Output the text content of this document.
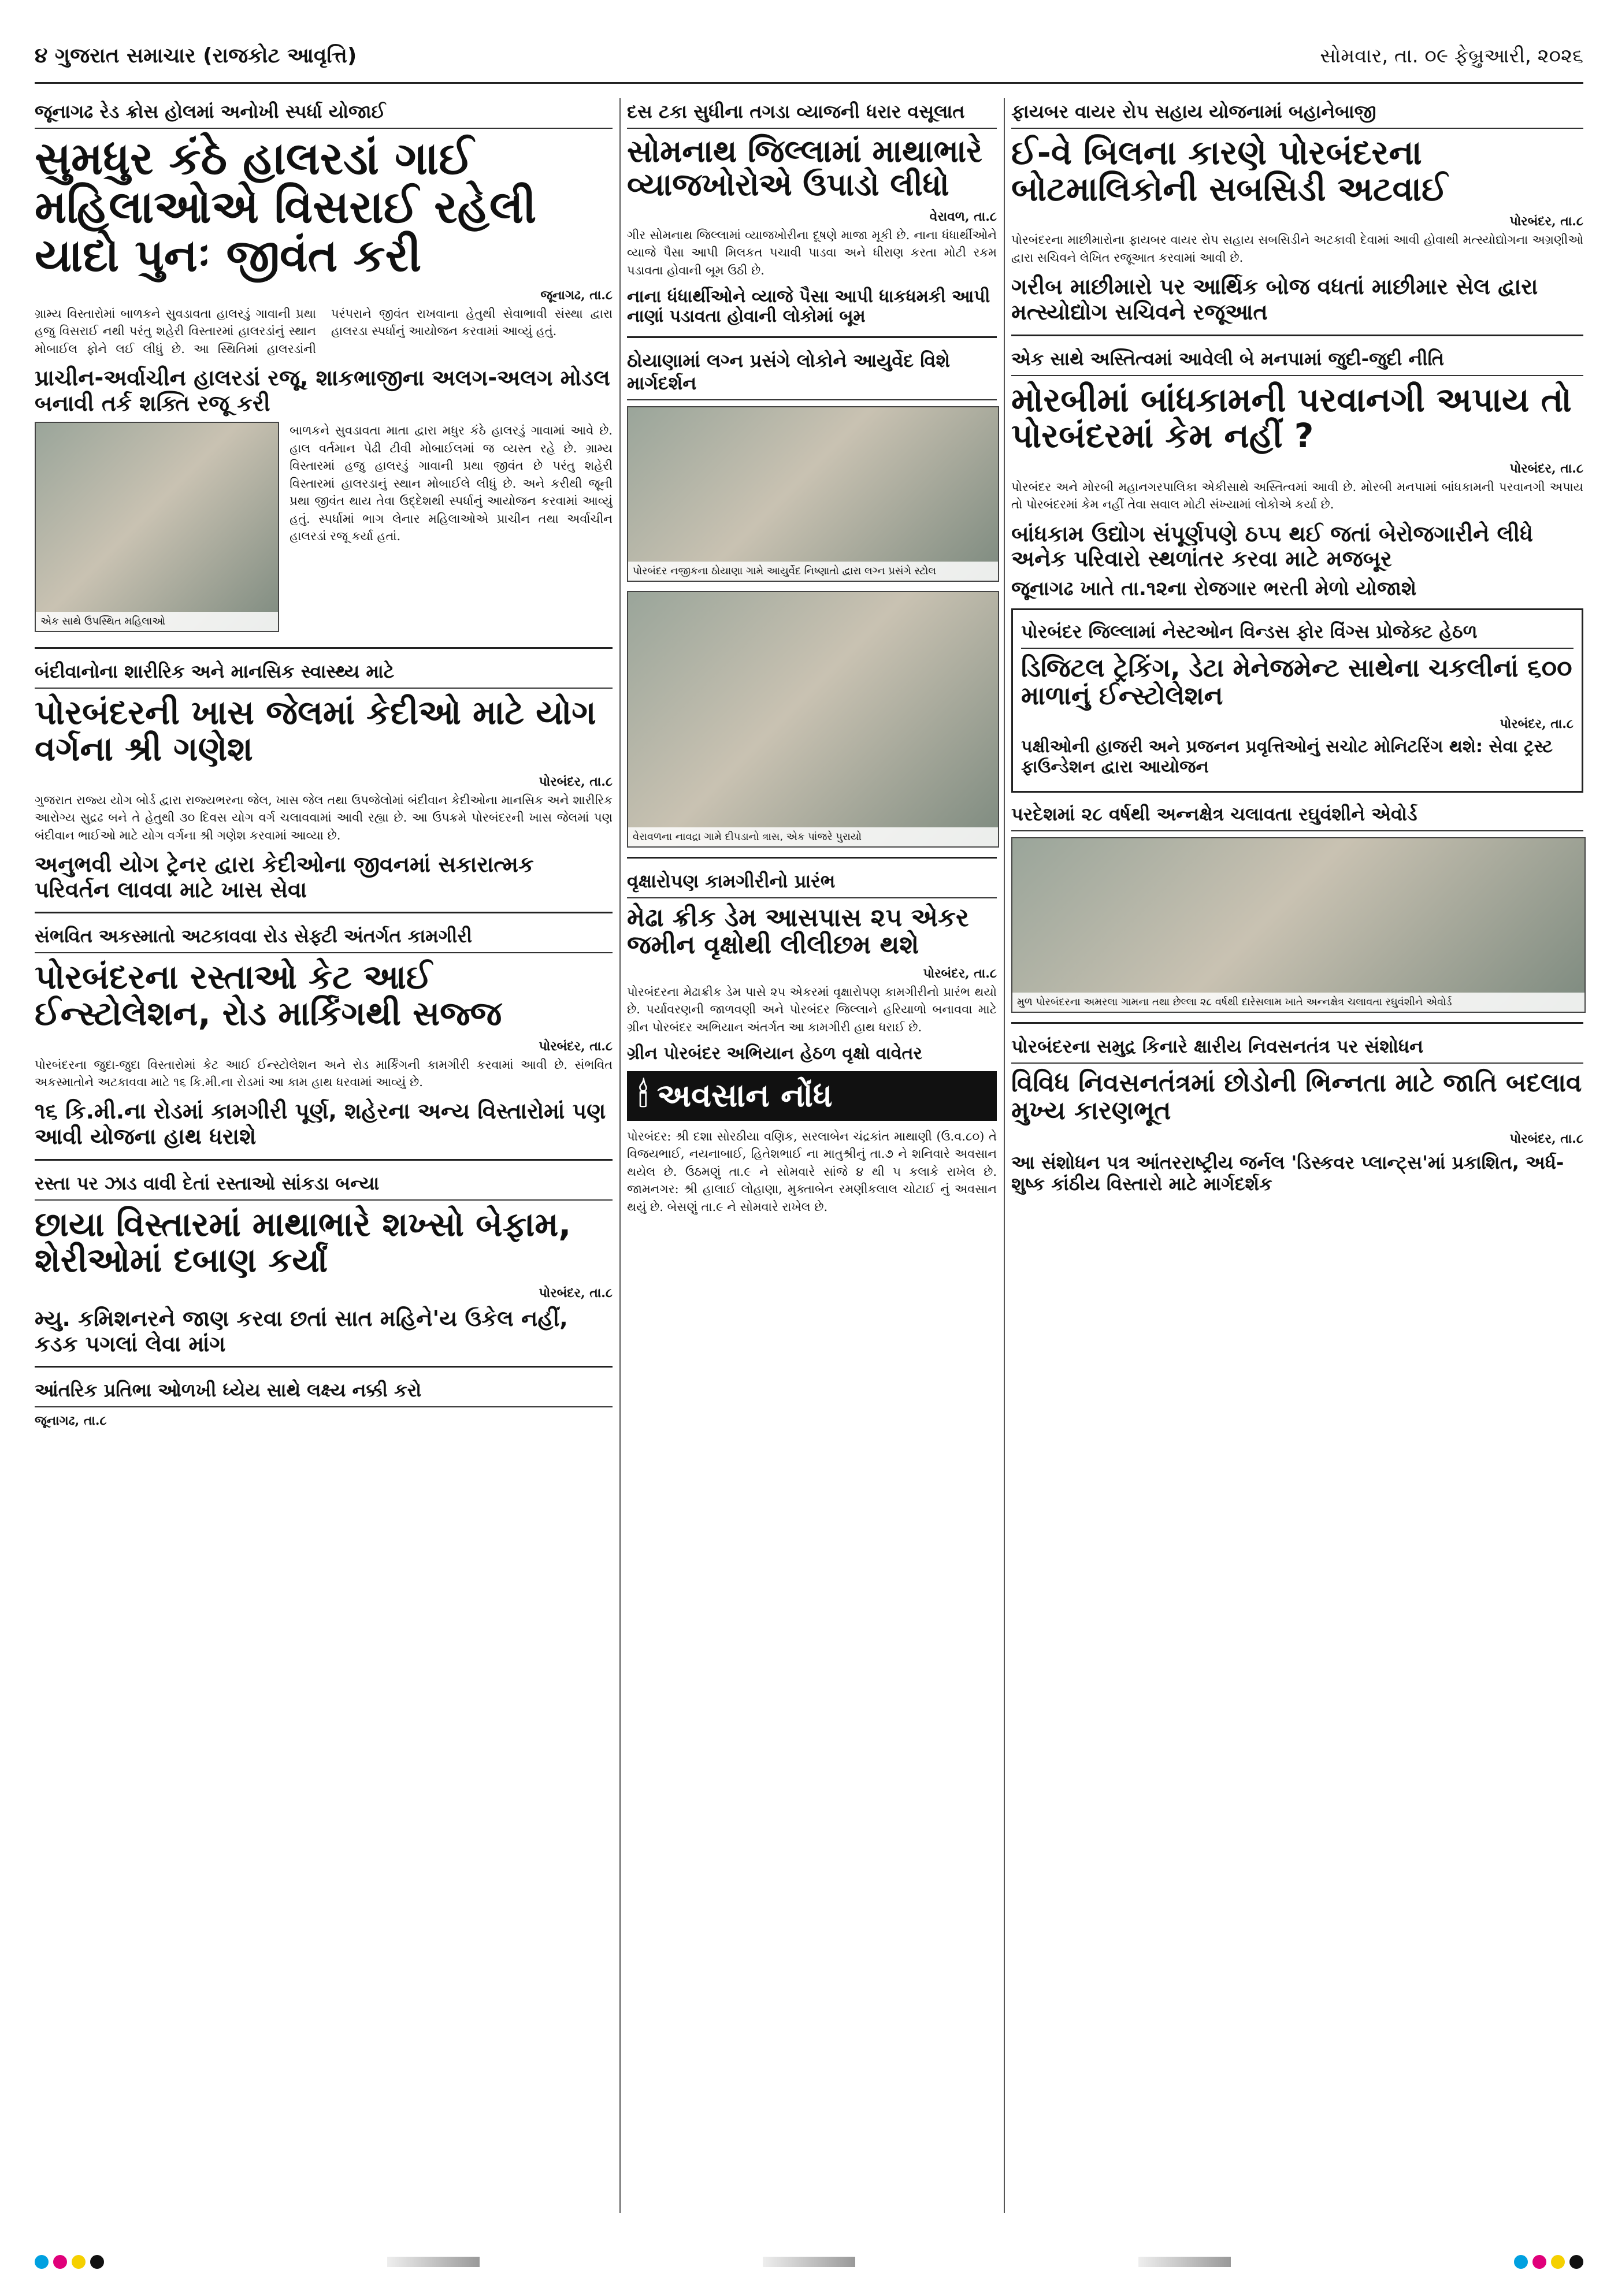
૪ ગુજરાત સમાચાર (રાજકોટ આવૃત્તિ)	સોમવાર, તા. ૦૯ ફેબ્રુઆરી, ૨૦૨૬
જૂનાગઢ રેડ ક્રોસ હોલમાં અનોખી સ્પર્ધા યોજાઈ
સુમધુર કંઠે હાલરડાં ગાઈ મહિલાઓએ વિસરાઈ રહેલી યાદો પુનઃ જીવંત કરી
જૂનાગઢ, તા.૮
ગ્રામ્ય વિસ્તારોમાં બાળકને સુવડાવતા હાલરડું ગાવાની પ્રથા હજુ વિસરાઈ નથી પરંતુ શહેરી વિસ્તારમાં હાલરડાંનું સ્થાન મોબાઈલ ફોને લઈ લીધું છે. આ સ્થિતિમાં હાલરડાંની પરંપરાને જીવંત રાખવાના હેતુથી સેવાભાવી સંસ્થા દ્વારા હાલરડા સ્પર્ધાનું આયોજન કરવામાં આવ્યું હતું.
પ્રાચીન-અર્વાચીન હાલરડાં રજૂ, શાકભાજીના અલગ-અલગ મોડલ બનાવી તર્ક શક્તિ રજૂ કરી
એક સાથે ઉપસ્થિત મહિલાઓ
બાળકને સુવડાવતા માતા દ્વારા મધુર કંઠે હાલરડું ગાવામાં આવે છે. હાલ વર્તમાન પેઢી ટીવી મોબાઈલમાં જ વ્યસ્ત રહે છે. ગ્રામ્ય વિસ્તારમાં હજુ હાલરડું ગાવાની પ્રથા જીવંત છે પરંતુ શહેરી વિસ્તારમાં હાલરડાનું સ્થાન મોબાઈલે લીધું છે. અને કરીથી જૂની પ્રથા જીવંત થાય તેવા ઉદ્દેશથી સ્પર્ધાનું આયોજન કરવામાં આવ્યું હતું. સ્પર્ધામાં ભાગ લેનાર મહિલાઓએ પ્રાચીન તથા અર્વાચીન હાલરડાં રજૂ કર્યા હતાં.
બંદીવાનોના શારીરિક અને માનસિક સ્વાસ્થ્ય માટે
પોરબંદરની ખાસ જેલમાં કેદીઓ માટે યોગ વર્ગના શ્રી ગણેશ
પોરબંદર, તા.૮
ગુજરાત રાજ્ય યોગ બોર્ડ દ્વારા રાજ્યભરના જેલ, ખાસ જેલ તથા ઉપજેલોમાં બંદીવાન કેદીઓના માનસિક અને શારીરિક આરોગ્ય સુદ્રઢ બને તે હેતુથી ૩૦ દિવસ યોગ વર્ગ ચલાવવામાં આવી રહ્યા છે. આ ઉપક્રમે પોરબંદરની ખાસ જેલમાં પણ બંદીવાન ભાઈઓ માટે યોગ વર્ગના શ્રી ગણેશ કરવામાં આવ્યા છે.
અનુભવી યોગ ટ્રેનર દ્વારા કેદીઓના જીવનમાં સકારાત્મક પરિવર્તન લાવવા માટે ખાસ સેવા
સંભવિત અકસ્માતો અટકાવવા રોડ સેફ્ટી અંતર્ગત કામગીરી
પોરબંદરના રસ્તાઓ કેટ આઈ ઈન્સ્ટોલેશન, રોડ માર્કિંગથી સજ્જ
પોરબંદર, તા.૮
પોરબંદરના જુદા-જુદા વિસ્તારોમાં કેટ આઈ ઈન્સ્ટોલેશન અને રોડ માર્કિંગની કામગીરી કરવામાં આવી છે. સંભવિત અકસ્માતોને અટકાવવા માટે ૧૬ કિ.મી.ના રોડમાં આ કામ હાથ ધરવામાં આવ્યું છે.
૧૬ કિ.મી.ના રોડમાં કામગીરી પૂર્ણ, શહેરના અન્ય વિસ્તારોમાં પણ આવી યોજના હાથ ધરાશે
રસ્તા પર ઝાડ વાવી દેતાં રસ્તાઓ સાંકડા બન્યા
છાયા વિસ્તારમાં માથાભારે શખ્સો બેફામ, શેરીઓમાં દબાણ કર્યાં
પોરબંદર, તા.૮
મ્યુ. કમિશનરને જાણ કરવા છતાં સાત મહિને'ય ઉકેલ નહીં, કડક પગલાં લેવા માંગ
આંતરિક પ્રતિભા ઓળખી ધ્યેય સાથે લક્ષ્ય નક્કી કરો
જૂનાગઢ, તા.૮
દસ ટકા સુધીના તગડા વ્યાજની ધરાર વસૂલાત
સોમનાથ જિલ્લામાં માથાભારે વ્યાજખોરોએ ઉપાડો લીધો
વેરાવળ, તા.૮
ગીર સોમનાથ જિલ્લામાં વ્યાજખોરીના દૂષણે માજા મૂકી છે. નાના ધંધાર્થીઓને વ્યાજે પૈસા આપી મિલકત પચાવી પાડવા અને ધીરાણ કરતા મોટી રકમ પડાવતા હોવાની બૂમ ઉઠી છે.
નાના ધંધાર્થીઓને વ્યાજે પૈસા આપી ધાકધમકી આપી નાણાં પડાવતા હોવાની લોકોમાં બૂમ
ઠોયાણામાં લગ્ન પ્રસંગે લોકોને આયુર્વેદ વિશે માર્ગદર્શન
પોરબંદર નજીકના ઠોયાણા ગામે આયુર્વેદ નિષ્ણાતો દ્વારા લગ્ન પ્રસંગે સ્ટોલ
વેરાવળના નાવદ્રા ગામે દીપડાનો ત્રાસ, એક પાંજરે પુરાયો
વૃક્ષારોપણ કામગીરીનો પ્રારંભ
મેઢા ક્રીક ડેમ આસપાસ ૨૫ એકર જમીન વૃક્ષોથી લીલીછમ થશે
પોરબંદર, તા.૮
પોરબંદરના મેઢાક્રીક ડેમ પાસે ૨૫ એકરમાં વૃક્ષારોપણ કામગીરીનો પ્રારંભ થયો છે. પર્યાવરણની જાળવણી અને પોરબંદર જિલ્લાને હરિયાળો બનાવવા માટે ગ્રીન પોરબંદર અભિયાન અંતર્ગત આ કામગીરી હાથ ધરાઈ છે.
ગ્રીન પોરબંદર અભિયાન હેઠળ વૃક્ષો વાવેતર
🕯 અવસાન નોંધ
પોરબંદર: શ્રી દશા સોરઠીયા વણિક, સરલાબેન ચંદ્રકાંત માથાણી (ઉ.વ.૮૦) તે વિજયભાઈ, નયનાબાઈ, હિતેશભાઈ ના માતુશ્રીનું તા.૭ ને શનિવારે અવસાન થયેલ છે. ઉઠમણું તા.૯ ને સોમવારે સાંજે ૪ થી ૫ કલાકે રાખેલ છે. જામનગર: શ્રી હાલાઈ લોહાણા, મુક્તાબેન રમણીકલાલ ચોટાઈ નું અવસાન થયું છે. બેસણું તા.૯ ને સોમવારે રાખેલ છે.
ફાયબર વાયર રોપ સહાય યોજનામાં બહાનેબાજી
ઈ-વે બિલના કારણે પોરબંદરના બોટમાલિકોની સબસિડી અટવાઈ
પોરબંદર, તા.૮
પોરબંદરના માછીમારોના ફાયબર વાયર રોપ સહાય સબસિડીને અટકાવી દેવામાં આવી હોવાથી મત્સ્યોદ્યોગના અગ્રણીઓ દ્વારા સચિવને લેખિત રજૂઆત કરવામાં આવી છે.
ગરીબ માછીમારો પર આર્થિક બોજ વધતાં માછીમાર સેલ દ્વારા મત્સ્યોદ્યોગ સચિવને રજૂઆત
એક સાથે અસ્તિત્વમાં આવેલી બે મનપામાં જુદી-જુદી નીતિ
મોરબીમાં બાંધકામની પરવાનગી અપાય તો પોરબંદરમાં કેમ નહીં ?
પોરબંદર, તા.૮
પોરબંદર અને મોરબી મહાનગરપાલિકા એકીસાથે અસ્તિત્વમાં આવી છે. મોરબી મનપામાં બાંધકામની પરવાનગી અપાય તો પોરબંદરમાં કેમ નહીં તેવા સવાલ મોટી સંખ્યામાં લોકોએ કર્યા છે.
બાંધકામ ઉદ્યોગ સંપૂર્ણપણે ઠપ્પ થઈ જતાં બેરોજગારીને લીધે અનેક પરિવારો સ્થળાંતર કરવા માટે મજબૂર
જૂનાગઢ ખાતે તા.૧૨ના રોજગાર ભરતી મેળો યોજાશે
પોરબંદર જિલ્લામાં નેસ્ટઓન વિન્ડસ ફોર વિંગ્સ પ્રોજેક્ટ હેઠળ
ડિજિટલ ટ્રેકિંગ, ડેટા મેનેજમેન્ટ સાથેના ચકલીનાં ૬૦૦ માળાનું ઈન્સ્ટોલેશન
પોરબંદર, તા.૮
પક્ષીઓની હાજરી અને પ્રજનન પ્રવૃત્તિઓનું સચોટ મોનિટરિંગ થશે: સેવા ટ્રસ્ટ ફાઉન્ડેશન દ્વારા આયોજન
પરદેશમાં ૨૮ વર્ષથી અન્નક્ષેત્ર ચલાવતા રઘુવંશીને એવોર્ડ
મુળ પોરબંદરના અમરલા ગામના તથા છેલ્લા ૨૮ વર્ષથી દારેસલામ ખાતે અન્નક્ષેત્ર ચલાવતા રઘુવંશીને એવોર્ડ
પોરબંદરના સમુદ્ર કિનારે ક્ષારીય નિવસનતંત્ર પર સંશોધન
વિવિધ નિવસનતંત્રમાં છોડોની ભિન્નતા માટે જાતિ બદલાવ મુખ્ય કારણભૂત
પોરબંદર, તા.૮
આ સંશોધન પત્ર આંતરરાષ્ટ્રીય જર્નલ 'ડિસ્કવર પ્લાન્ટ્સ'માં પ્રકાશિત, અર્ધ-શુષ્ક કાંઠીય વિસ્તારો માટે માર્ગદર્શક
